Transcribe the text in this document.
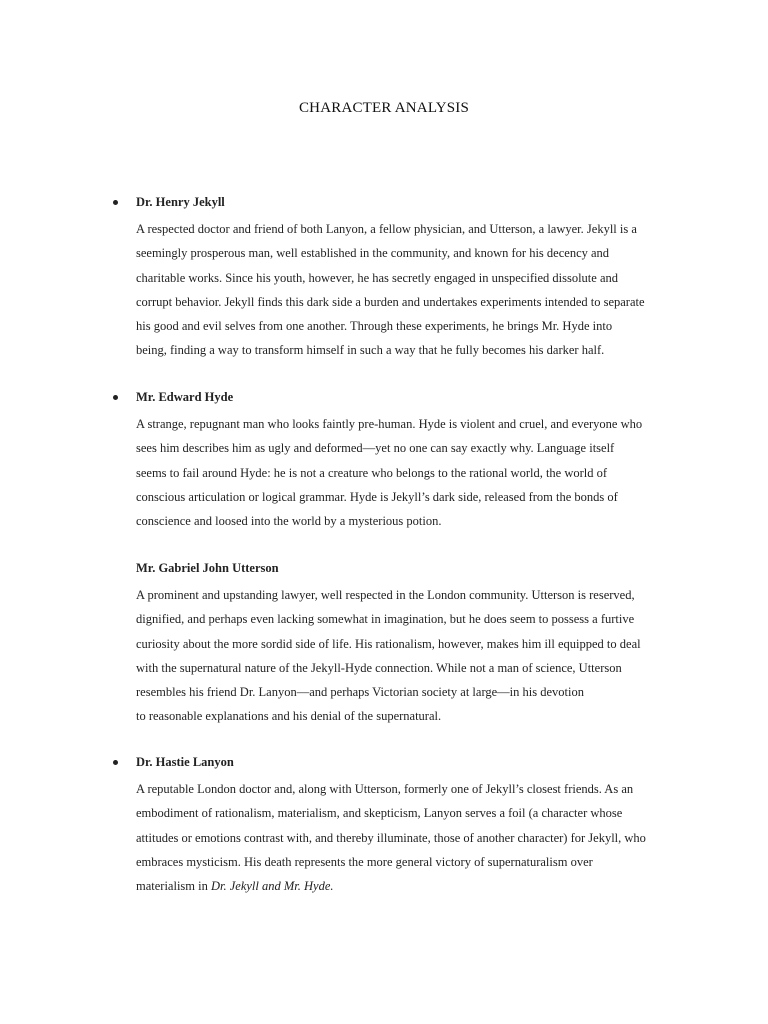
CHARACTER ANALYSIS
Dr. Henry Jekyll
A respected doctor and friend of both Lanyon, a fellow physician, and Utterson, a lawyer. Jekyll is a
seemingly prosperous man, well established in the community, and known for his decency and
charitable works. Since his youth, however, he has secretly engaged in unspecified dissolute and
corrupt behavior. Jekyll finds this dark side a burden and undertakes experiments intended to separate
his good and evil selves from one another. Through these experiments, he brings Mr. Hyde into
being, finding a way to transform himself in such a way that he fully becomes his darker half.
Mr. Edward Hyde
A strange, repugnant man who looks faintly pre-human. Hyde is violent and cruel, and everyone who
sees him describes him as ugly and deformed—yet no one can say exactly why. Language itself
seems to fail around Hyde: he is not a creature who belongs to the rational world, the world of
conscious articulation or logical grammar. Hyde is Jekyll’s dark side, released from the bonds of
conscience and loosed into the world by a mysterious potion.
Mr. Gabriel John Utterson
A prominent and upstanding lawyer, well respected in the London community. Utterson is reserved,
dignified, and perhaps even lacking somewhat in imagination, but he does seem to possess a furtive
curiosity about the more sordid side of life. His rationalism, however, makes him ill equipped to deal
with the supernatural nature of the Jekyll-Hyde connection. While not a man of science, Utterson
resembles his friend Dr. Lanyon—and perhaps Victorian society at large—in his devotion
to reasonable explanations and his denial of the supernatural.
Dr. Hastie Lanyon
A reputable London doctor and, along with Utterson, formerly one of Jekyll’s closest friends. As an
embodiment of rationalism, materialism, and skepticism, Lanyon serves a foil (a character whose
attitudes or emotions contrast with, and thereby illuminate, those of another character) for Jekyll, who
embraces mysticism. His death represents the more general victory of supernaturalism over
materialism in Dr. Jekyll and Mr. Hyde.
